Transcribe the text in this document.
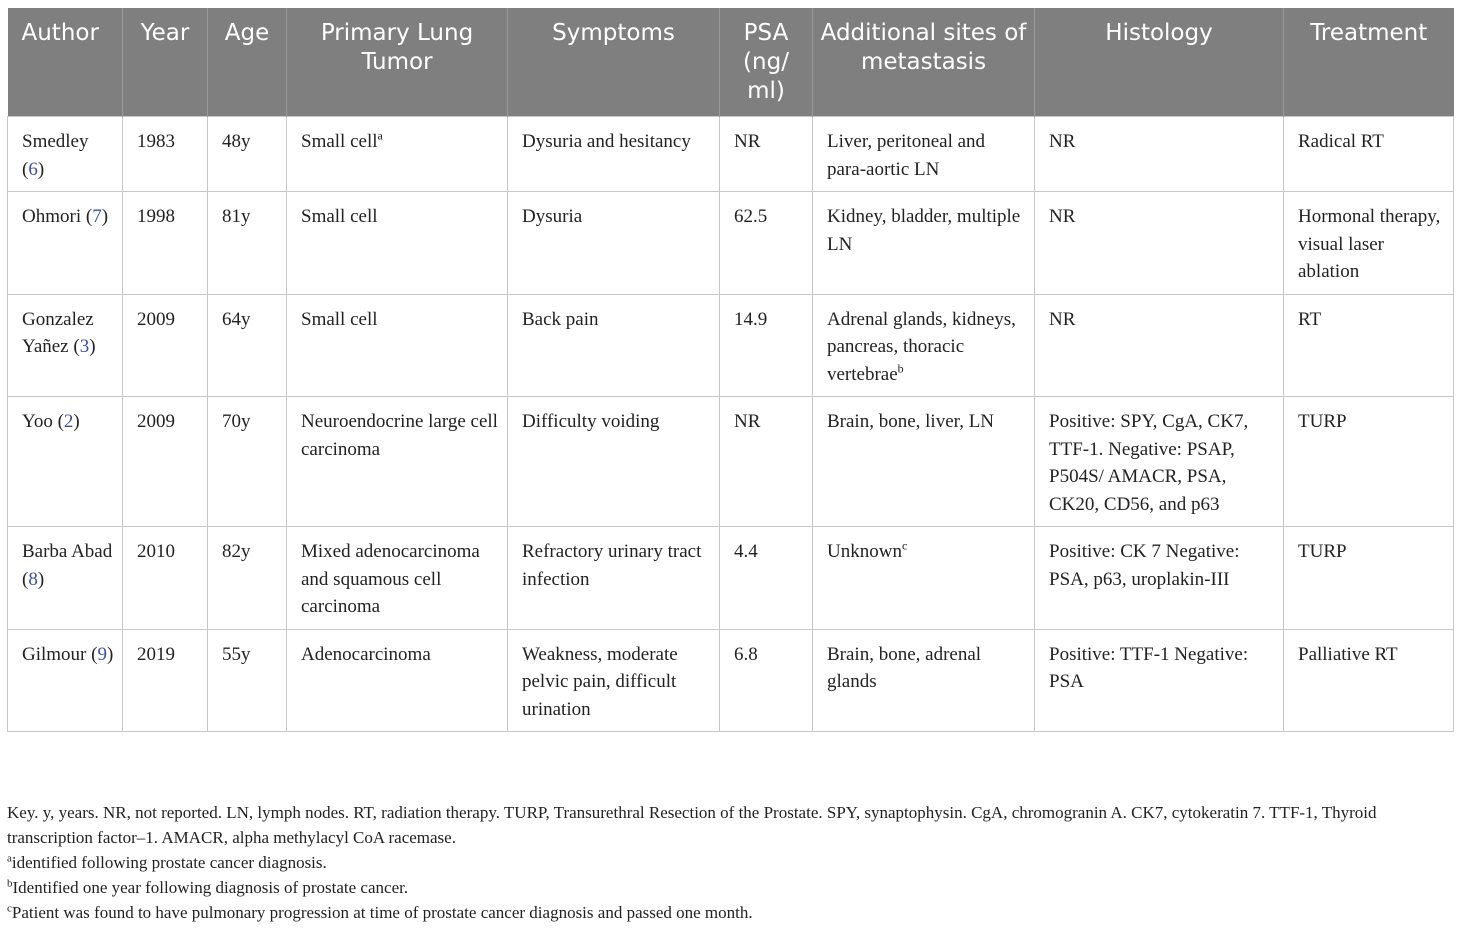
Author	Year	Age	Primary Lung Tumor	Symptoms	PSA (ng/ ml)	Additional sites of metastasis	Histology	Treatment
Smedley (6)	1983	48y	Small cell$^a$	Dysuria and hesitancy	NR	Liver, peritoneal and para-aortic LN	NR	Radical RT
Ohmori (7)	1998	81y	Small cell	Dysuria	62.5	Kidney, bladder, multiple LN	NR	Hormonal therapy, visual laser ablation
Gonzalez Yañez (3)	2009	64y	Small cell	Back pain	14.9	Adrenal glands, kidneys, pancreas, thoracic vertebrae$^b$	NR	RT
Yoo (2)	2009	70y	Neuroendocrine large cell carcinoma	Difficulty voiding	NR	Brain, bone, liver, LN	Positive: SPY, CgA, CK7, TTF-1. Negative: PSAP, P504S/ AMACR, PSA, CK20, CD56, and p63	TURP
Barba Abad (8)	2010	82y	Mixed adenocarcinoma and squamous cell carcinoma	Refractory urinary tract infection	4.4	Unknown$^c$	Positive: CK 7 Negative: PSA, p63, uroplakin-III	TURP
Gilmour (9)	2019	55y	Adenocarcinoma	Weakness, moderate pelvic pain, difficult urination	6.8	Brain, bone, adrenal glands	Positive: TTF-1 Negative: PSA	Palliative RT

Key. y, years. NR, not reported. LN, lymph nodes. RT, radiation therapy. TURP, Transurethral Resection of the Prostate. SPY, synaptophysin. CgA, chromogranin A. CK7, cytokeratin 7. TTF-1, Thyroid transcription factor–1. AMACR, alpha methylacyl CoA racemase.

$^a$identified following prostate cancer diagnosis.

$^b$Identified one year following diagnosis of prostate cancer.

$^c$Patient was found to have pulmonary progression at time of prostate cancer diagnosis and passed one month.
